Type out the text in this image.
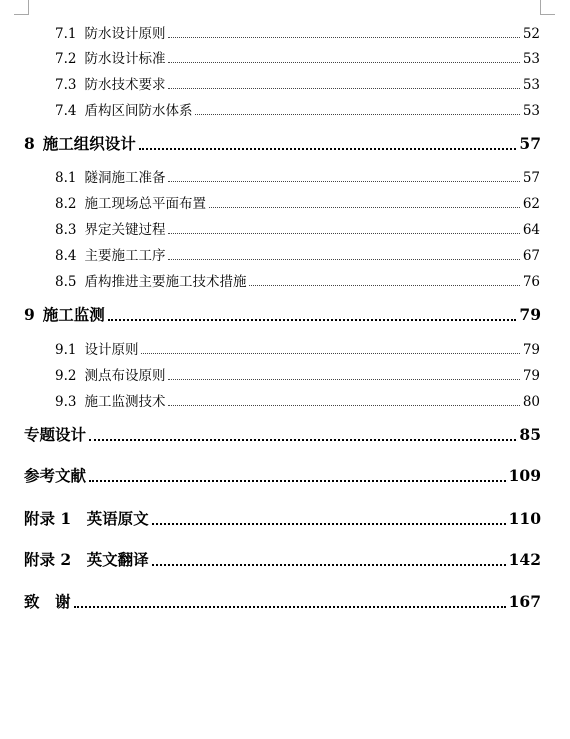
7.1 防水设计原则	52
7.2 防水设计标准	53
7.3 防水技术要求	53
7.4 盾构区间防水体系	53
8 施工组织设计	57
8.1 隧洞施工准备	57
8.2 施工现场总平面布置	62
8.3 界定关键过程	64
8.4 主要施工工序	67
8.5 盾构推进主要施工技术措施	76
9 施工监测	79
9.1 设计原则	79
9.2 测点布设原则	79
9.3 施工监测技术	80
专题设计	85
参考文献	109
附录 1　英语原文	110
附录 2　英文翻译	142
致　谢	167
